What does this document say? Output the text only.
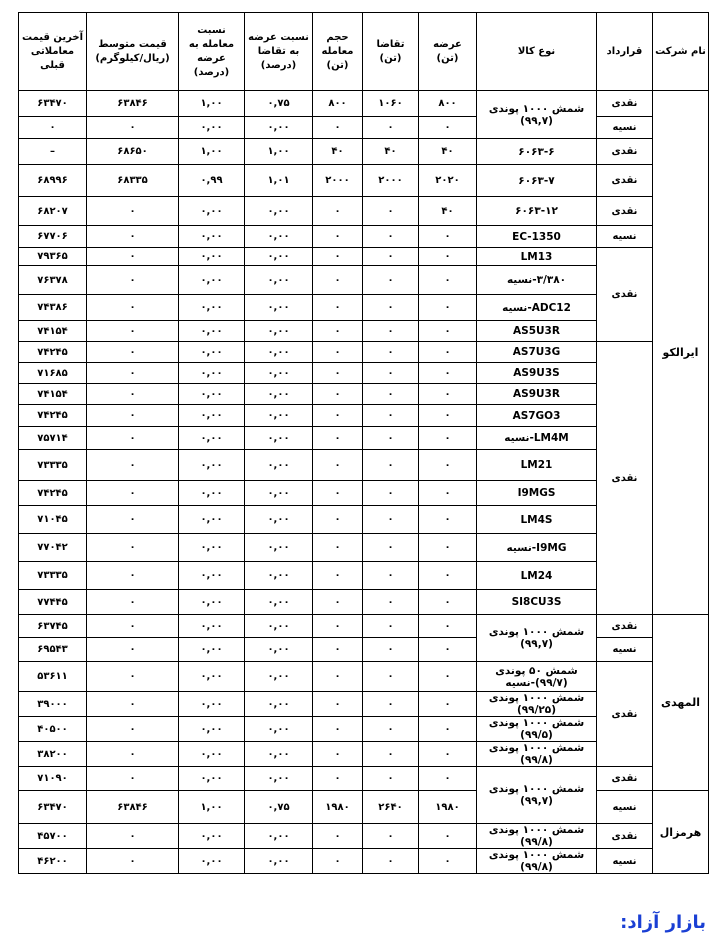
نام شرکت	قرارداد	نوع کالا	عرضه (تن)	تقاضا (تن)	حجم معامله (تن)	نسبت عرضه به تقاضا (درصد)	نسبت معامله به عرضه (درصد)	قیمت متوسط (ریال/کیلوگرم)	آخرین قیمت معاملاتی قبلی
ایرالکو	نقدی	شمش ۱۰۰۰ پوندی (۹۹,۷)	۸۰۰	۱۰۶۰	۸۰۰	۰,۷۵	۱,۰۰	۶۳۸۴۶	۶۳۴۷۰
	نسیه		۰	۰	۰	۰,۰۰	۰,۰۰	۰	۰
	نقدی	۶۰۶۳-۶	۴۰	۴۰	۴۰	۱,۰۰	۱,۰۰	۶۸۶۵۰	–
	نقدی	۶۰۶۳-۷	۲۰۲۰	۲۰۰۰	۲۰۰۰	۱,۰۱	۰,۹۹	۶۸۳۳۵	۶۸۹۹۶
	نقدی	۶۰۶۳-۱۲	۴۰	۰	۰	۰,۰۰	۰,۰۰	۰	۶۸۲۰۷
	نسیه	EC-1350	۰	۰	۰	۰,۰۰	۰,۰۰	۰	۶۷۷۰۶
	نقدی	LM13	۰	۰	۰	۰,۰۰	۰,۰۰	۰	۷۹۳۶۵
		۳/۳۸۰-نسیه	۰	۰	۰	۰,۰۰	۰,۰۰	۰	۷۶۳۷۸
		ADC12-نسیه	۰	۰	۰	۰,۰۰	۰,۰۰	۰	۷۴۳۸۶
		AS5U3R	۰	۰	۰	۰,۰۰	۰,۰۰	۰	۷۴۱۵۴
	نقدی	AS7U3G	۰	۰	۰	۰,۰۰	۰,۰۰	۰	۷۴۲۴۵
		AS9U3S	۰	۰	۰	۰,۰۰	۰,۰۰	۰	۷۱۶۸۵
		AS9U3R	۰	۰	۰	۰,۰۰	۰,۰۰	۰	۷۴۱۵۴
		AS7GO3	۰	۰	۰	۰,۰۰	۰,۰۰	۰	۷۴۲۴۵
		LM4M-نسیه	۰	۰	۰	۰,۰۰	۰,۰۰	۰	۷۵۷۱۴
		LM21	۰	۰	۰	۰,۰۰	۰,۰۰	۰	۷۳۳۳۵
		I9MGS	۰	۰	۰	۰,۰۰	۰,۰۰	۰	۷۴۲۴۵
		LM4S	۰	۰	۰	۰,۰۰	۰,۰۰	۰	۷۱۰۴۵
		I9MG-نسیه	۰	۰	۰	۰,۰۰	۰,۰۰	۰	۷۷۰۴۲
		LM24	۰	۰	۰	۰,۰۰	۰,۰۰	۰	۷۳۳۳۵
		SI8CU3S	۰	۰	۰	۰,۰۰	۰,۰۰	۰	۷۷۴۴۵
المهدی	نقدی	شمش ۱۰۰۰ پوندی (۹۹,۷)	۰	۰	۰	۰,۰۰	۰,۰۰	۰	۶۳۷۴۵
	نسیه		۰	۰	۰	۰,۰۰	۰,۰۰	۰	۶۹۵۴۳
	نقدی	شمش ۵۰ پوندی (۹۹/۷)-نسیه	۰	۰	۰	۰,۰۰	۰,۰۰	۰	۵۳۶۱۱
		شمش ۱۰۰۰ پوندی (۹۹/۲۵)	۰	۰	۰	۰,۰۰	۰,۰۰	۰	۳۹۰۰۰
		شمش ۱۰۰۰ پوندی (۹۹/۵)	۰	۰	۰	۰,۰۰	۰,۰۰	۰	۴۰۵۰۰
		شمش ۱۰۰۰ پوندی (۹۹/۸)	۰	۰	۰	۰,۰۰	۰,۰۰	۰	۳۸۲۰۰
	نقدی	شمش ۱۰۰۰ پوندی (۹۹,۷)	۰	۰	۰	۰,۰۰	۰,۰۰	۰	۷۱۰۹۰
هرمزال	نسیه		۱۹۸۰	۲۶۴۰	۱۹۸۰	۰,۷۵	۱,۰۰	۶۳۸۴۶	۶۳۴۷۰
	نقدی	شمش ۱۰۰۰ پوندی (۹۹/۸)	۰	۰	۰	۰,۰۰	۰,۰۰	۰	۴۵۷۰۰
	نسیه	شمش ۱۰۰۰ پوندی (۹۹/۸)	۰	۰	۰	۰,۰۰	۰,۰۰	۰	۴۶۲۰۰
بازار آزاد:
